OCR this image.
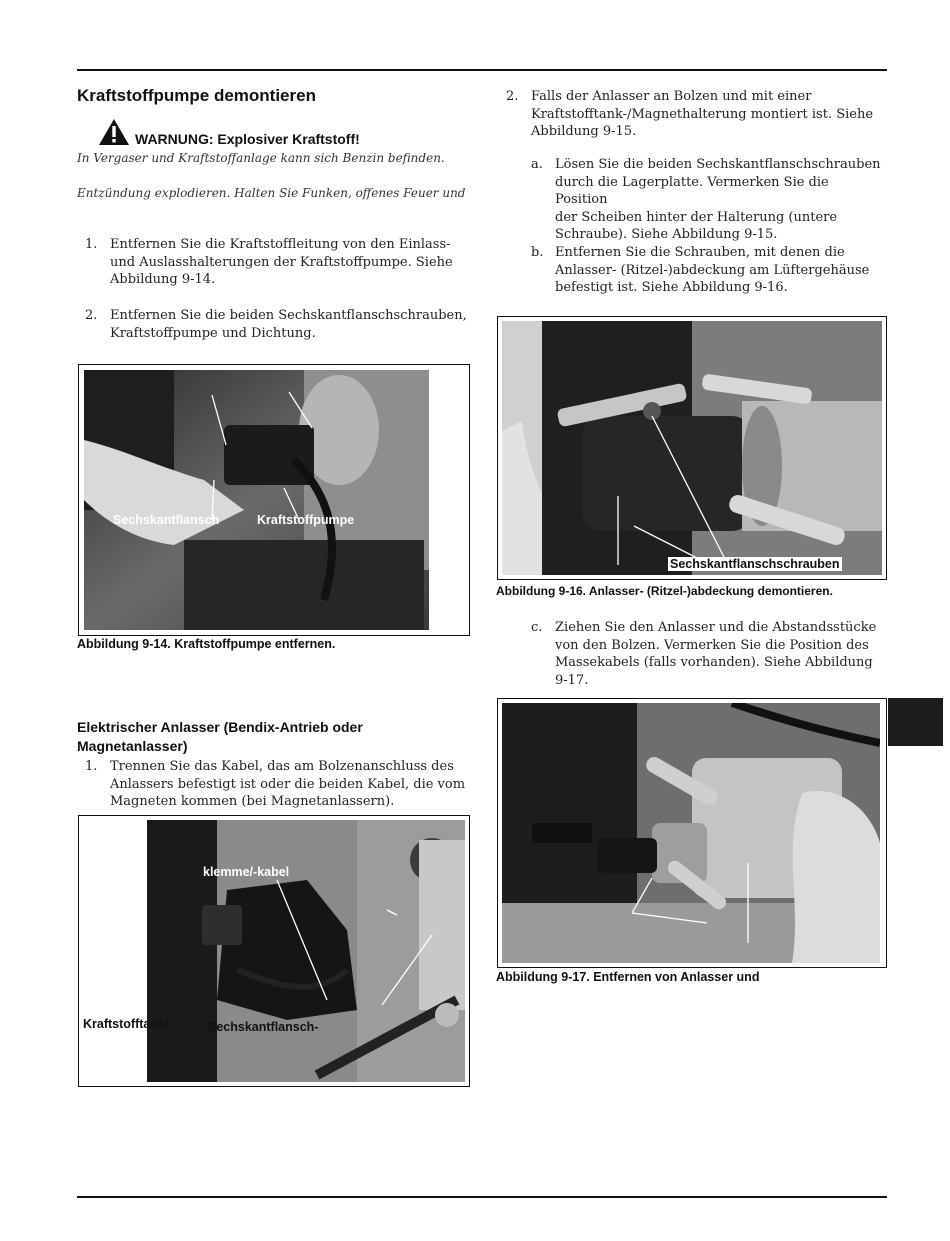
Kraftstoffpumpe demontieren
WARNUNG: Explosiver Kraftstoff!
In Vergaser und Kraftstoffanlage kann sich Benzin befinden.
Entzündung explodieren. Halten Sie Funken, offenes Feuer und
1. Entfernen Sie die Kraftstoffleitung von den Einlass-
und Auslasshalterungen der Kraftstoffpumpe. Siehe
Abbildung 9-14.
2. Entfernen Sie die beiden Sechskantflanschschrauben,
Kraftstoffpumpe und Dichtung.
Sechskantflansch	Kraftstoffpumpe
Abbildung 9-14. Kraftstoffpumpe entfernen.
Elektrischer Anlasser (Bendix-Antrieb oder
Magnetanlasser)
1. Trennen Sie das Kabel, das am Bolzenanschluss des
Anlassers befestigt ist oder die beiden Kabel, die vom
Magneten kommen (bei Magnetanlassern).
klemme/-kabel
Kraftstofftank/	Sechskantflansch-
2. Falls der Anlasser an Bolzen und mit einer
Kraftstofftank-/Magnethalterung montiert ist. Siehe
Abbildung 9-15.
a. Lösen Sie die beiden Sechskantflanschschrauben
durch die Lagerplatte. Vermerken Sie die Position
der Scheiben hinter der Halterung (untere
Schraube). Siehe Abbildung 9-15.
b. Entfernen Sie die Schrauben, mit denen die
Anlasser- (Ritzel-)abdeckung am Lüftergehäuse
befestigt ist. Siehe Abbildung 9-16.
Sechskantflanschschrauben
Abbildung 9-16. Anlasser- (Ritzel-)abdeckung demontieren.
c. Ziehen Sie den Anlasser und die Abstandsstücke
von den Bolzen. Vermerken Sie die Position des
Massekabels (falls vorhanden). Siehe Abbildung
9-17.
Abbildung 9-17. Entfernen von Anlasser und
